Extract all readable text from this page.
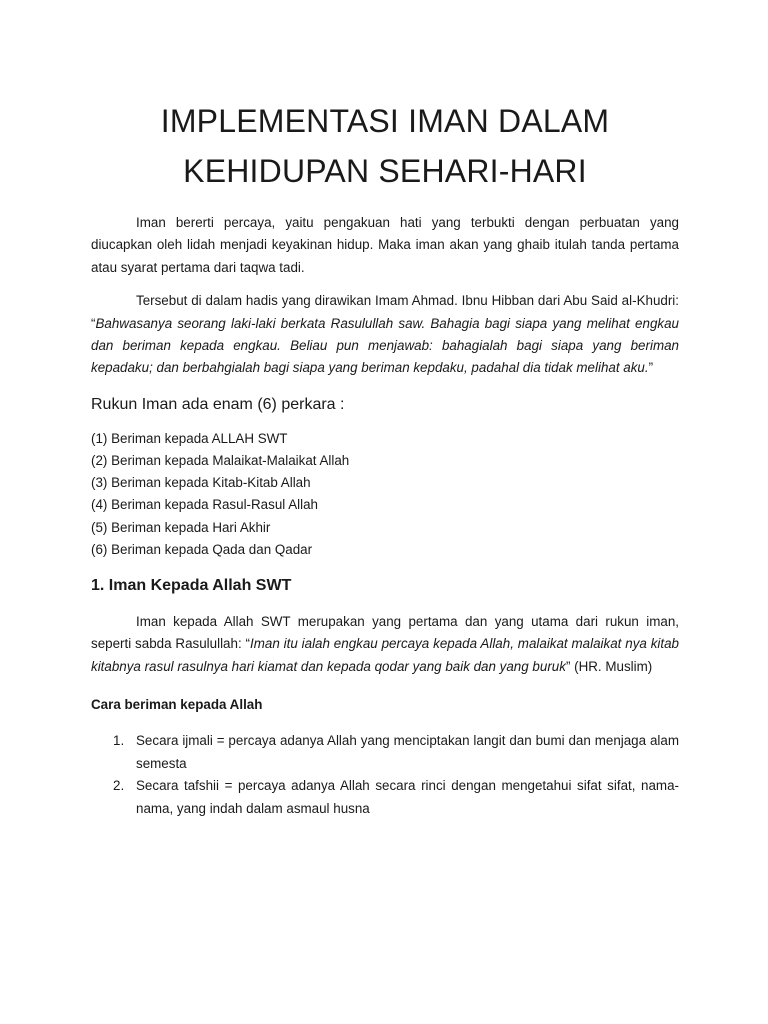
IMPLEMENTASI IMAN DALAM
KEHIDUPAN SEHARI-HARI

Iman bererti percaya, yaitu pengakuan hati yang terbukti dengan perbuatan yang diucapkan oleh lidah menjadi keyakinan hidup. Maka iman akan yang ghaib itulah tanda pertama atau syarat pertama dari taqwa tadi.

Tersebut di dalam hadis yang dirawikan Imam Ahmad. Ibnu Hibban dari Abu Said al-Khudri: “Bahwasanya seorang laki-laki berkata Rasulullah saw. Bahagia bagi siapa yang melihat engkau dan beriman kepada engkau. Beliau pun menjawab: bahagialah bagi siapa yang beriman kepadaku; dan berbahgialah bagi siapa yang beriman kepdaku, padahal dia tidak melihat aku.”

Rukun Iman ada enam (6) perkara :
(1) Beriman kepada ALLAH SWT
(2) Beriman kepada Malaikat-Malaikat Allah
(3) Beriman kepada Kitab-Kitab Allah
(4) Beriman kepada Rasul-Rasul Allah
(5) Beriman kepada Hari Akhir
(6) Beriman kepada Qada dan Qadar
1. Iman Kepada Allah SWT

Iman kepada Allah SWT merupakan yang pertama dan yang utama dari rukun iman, seperti sabda Rasulullah: “Iman itu ialah engkau percaya kepada Allah, malaikat malaikat nya kitab kitabnya rasul rasulnya hari kiamat dan kepada qodar yang baik dan yang buruk” (HR. Muslim)

Cara beriman kepada Allah
1. Secara ijmali = percaya adanya Allah yang menciptakan langit dan bumi dan menjaga alam semesta
2. Secara tafshii = percaya adanya Allah secara rinci dengan mengetahui sifat sifat, nama-nama, yang indah dalam asmaul husna
